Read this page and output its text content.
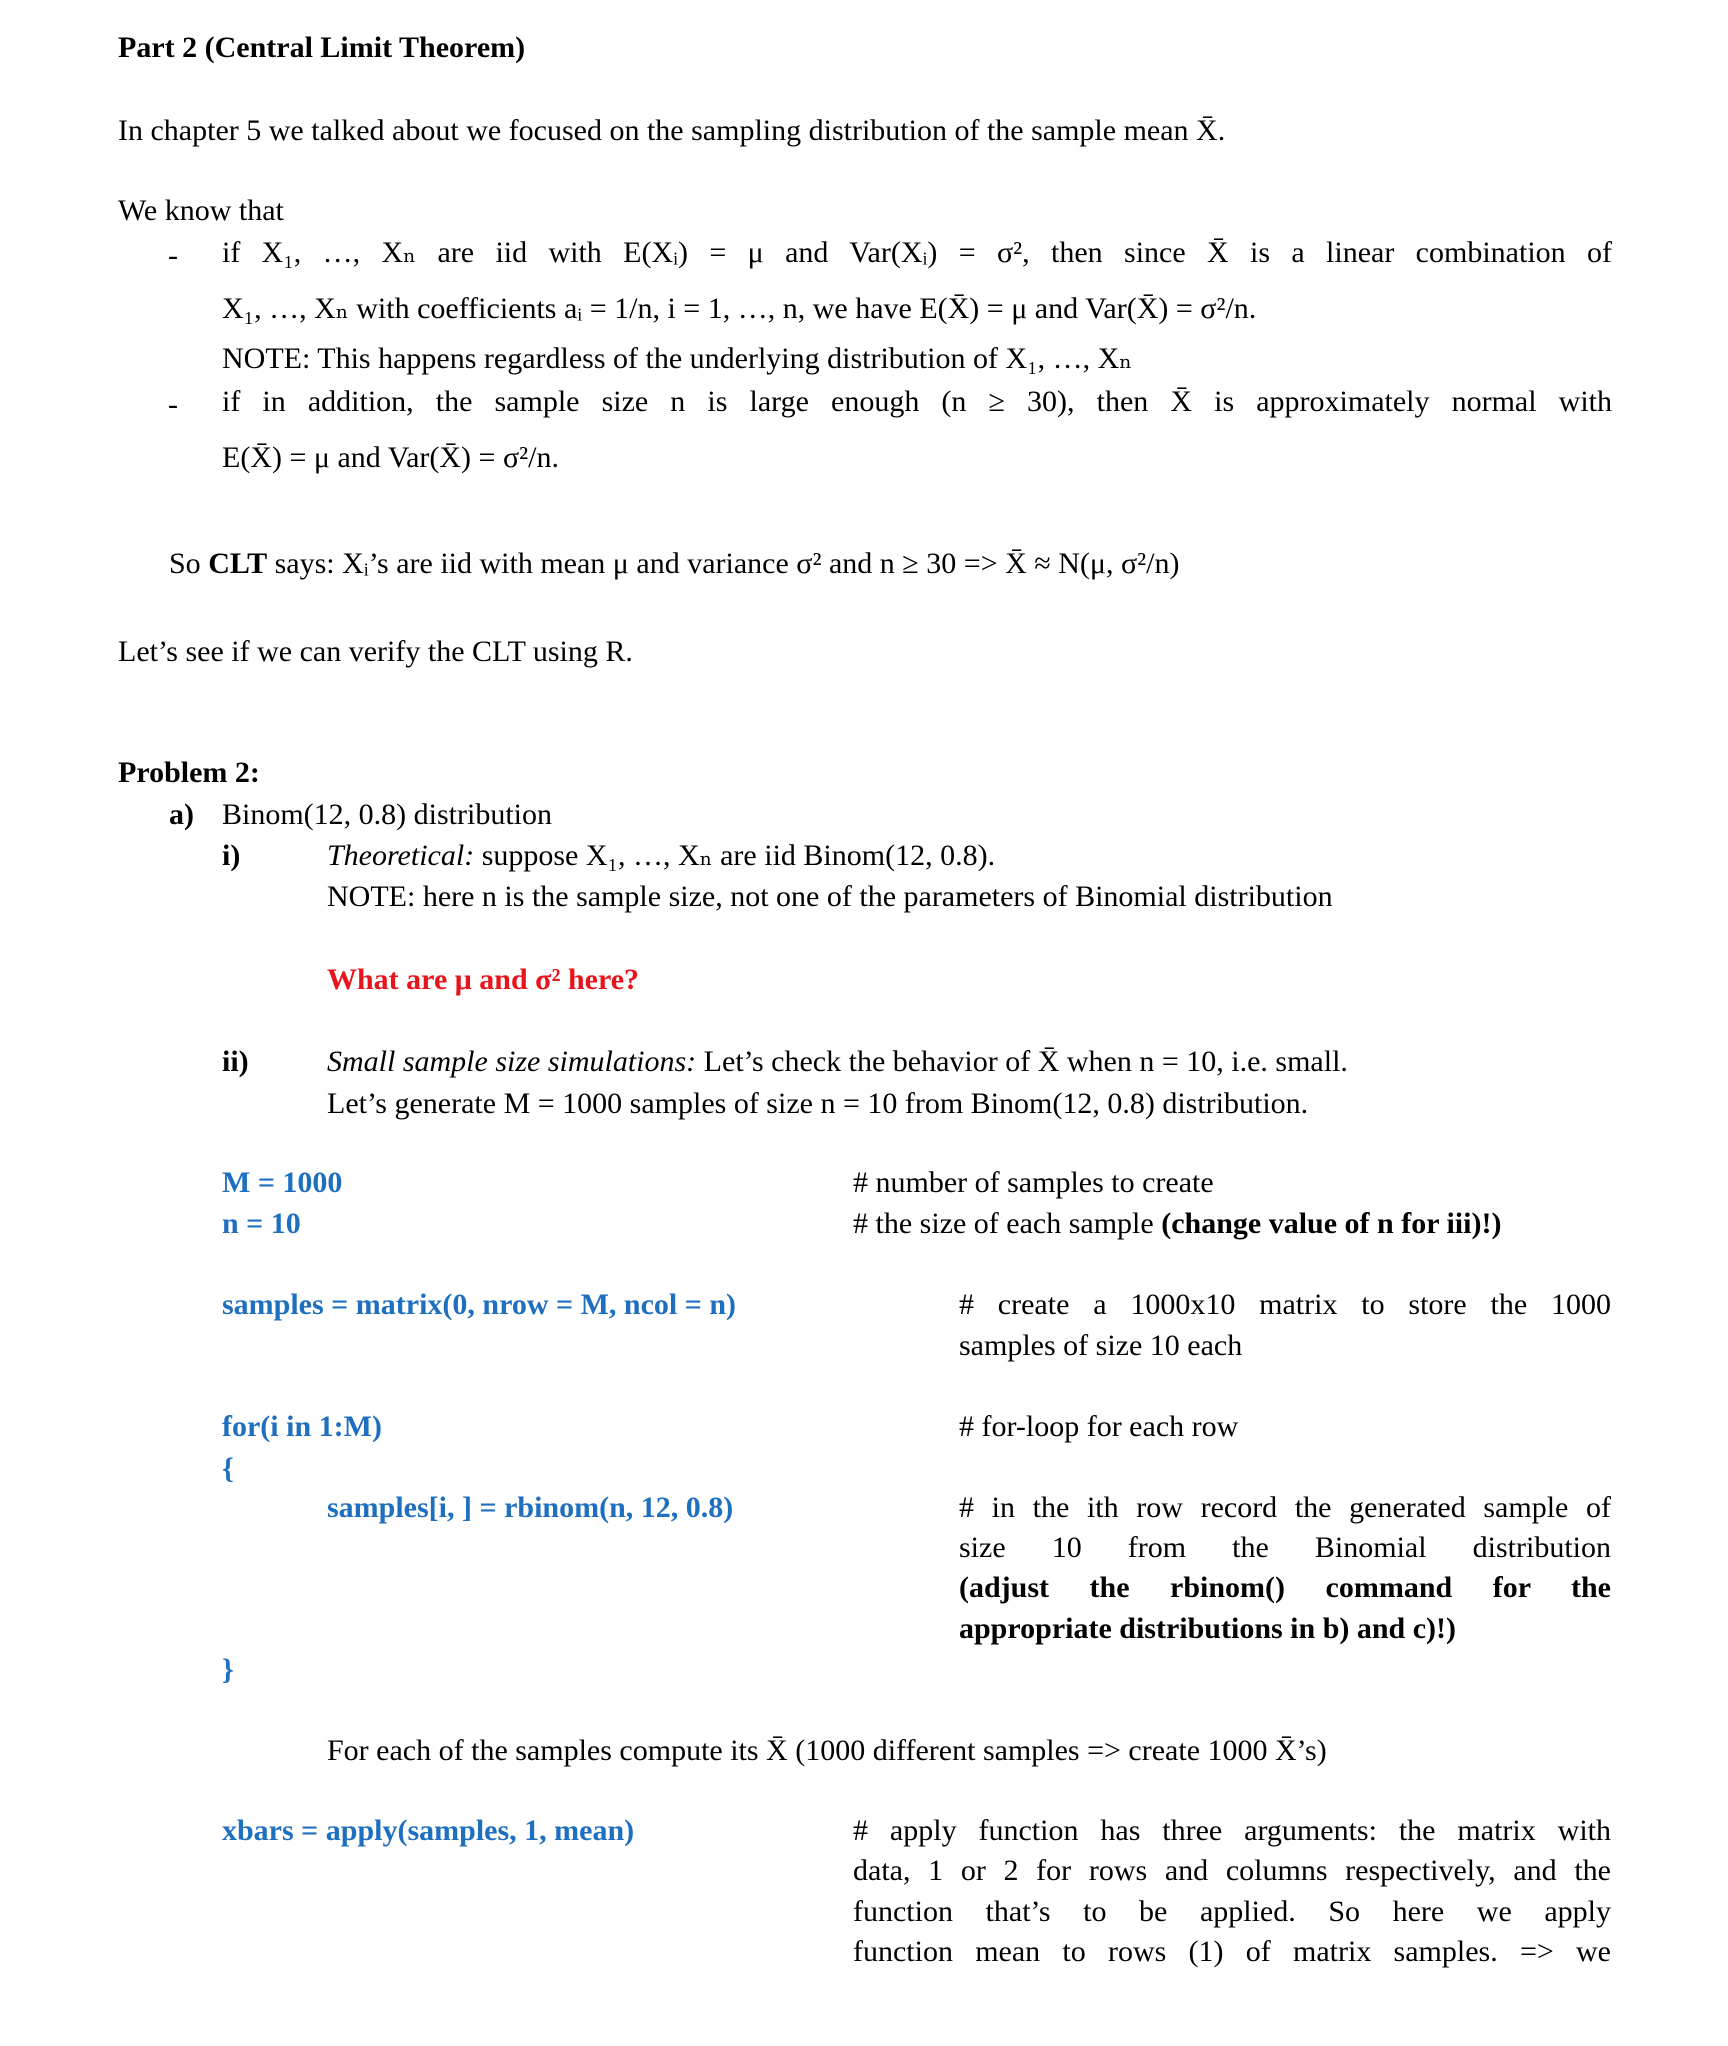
Part 2 (Central Limit Theorem)
In chapter 5 we talked about we focused on the sampling distribution of the sample mean X̄.
We know that
- if X₁, …, Xₙ are iid with E(Xᵢ) = μ and Var(Xᵢ) = σ², then since X̄ is a linear combination of
X₁, …, Xₙ with coefficients aᵢ = 1/n, i = 1, …, n, we have E(X̄) = μ and Var(X̄) = σ²/n.
NOTE: This happens regardless of the underlying distribution of X₁, …, Xₙ
- if in addition, the sample size n is large enough (n ≥ 30), then X̄ is approximately normal with
E(X̄) = μ and Var(X̄) = σ²/n.
So CLT says: Xᵢ’s are iid with mean μ and variance σ² and n ≥ 30 => X̄ ≈ N(μ, σ²/n)
Let’s see if we can verify the CLT using R.
Problem 2:
a) Binom(12, 0.8) distribution
i)	Theoretical: suppose X₁, …, Xₙ are iid Binom(12, 0.8).
NOTE: here n is the sample size, not one of the parameters of Binomial distribution
What are μ and σ² here?
ii)	Small sample size simulations: Let’s check the behavior of X̄ when n = 10, i.e. small.
Let’s generate M = 1000 samples of size n = 10 from Binom(12, 0.8) distribution.
M = 1000	# number of samples to create
n = 10	# the size of each sample (change value of n for iii)!)
samples = matrix(0, nrow = M, ncol = n)	# create a 1000x10 matrix to store the 1000
samples of size 10 each
for(i in 1:M)	# for-loop for each row
{
samples[i, ] = rbinom(n, 12, 0.8)	# in the ith row record the generated sample of
size 10 from the Binomial distribution
(adjust the rbinom() command for the
appropriate distributions in b) and c)!)
}
For each of the samples compute its X̄ (1000 different samples => create 1000 X̄’s)
xbars = apply(samples, 1, mean)	# apply function has three arguments: the matrix with
data, 1 or 2 for rows and columns respectively, and the
function that’s to be applied. So here we apply
function mean to rows (1) of matrix samples. => we
